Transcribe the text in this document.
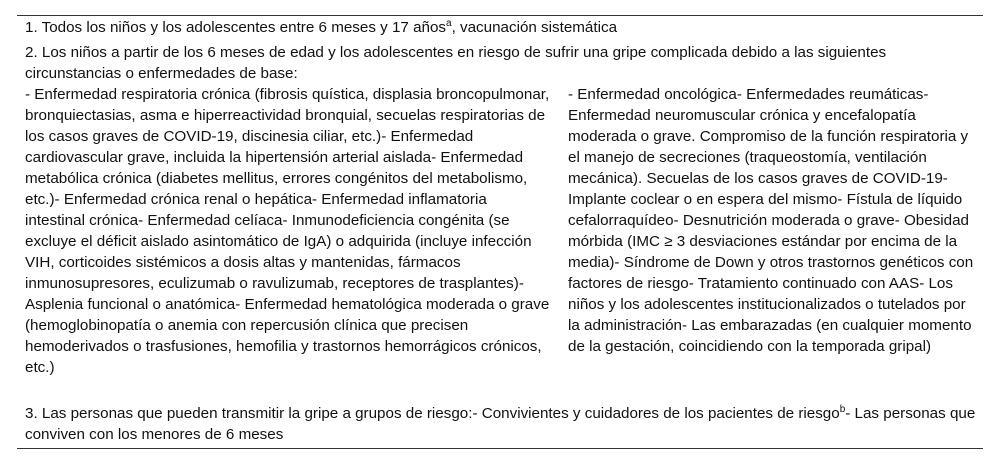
1. Todos los niños y los adolescentes entre 6 meses y 17 años$^a$, vacunación sistemática
2. Los niños a partir de los 6 meses de edad y los adolescentes en riesgo de sufrir una gripe complicada debido a las siguientes circunstancias o enfermedades de base:
- Enfermedad respiratoria crónica (fibrosis quística, displasia broncopulmonar, bronquiectasias, asma e hiperreactividad bronquial, secuelas respiratorias de los casos graves de COVID-19, discinesia ciliar, etc.)- Enfermedad cardiovascular grave, incluida la hipertensión arterial aislada- Enfermedad metabólica crónica (diabetes mellitus, errores congénitos del metabolismo, etc.)- Enfermedad crónica renal o hepática- Enfermedad inflamatoria intestinal crónica- Enfermedad celíaca- Inmunodeficiencia congénita (se excluye el déficit aislado asintomático de IgA) o adquirida (incluye infección VIH, corticoides sistémicos a dosis altas y mantenidas, fármacos inmunosupresores, eculizumab o ravulizumab, receptores de trasplantes)- Asplenia funcional o anatómica- Enfermedad hematológica moderada o grave (hemoglobinopatía o anemia con repercusión clínica que precisen hemoderivados o trasfusiones, hemofilia y trastornos hemorrágicos crónicos, etc.)
- Enfermedad oncológica- Enfermedades reumáticas- Enfermedad neuromuscular crónica y encefalopatía moderada o grave. Compromiso de la función respiratoria y el manejo de secreciones (traqueostomía, ventilación mecánica). Secuelas de los casos graves de COVID-19- Implante coclear o en espera del mismo- Fístula de líquido cefalorraquídeo- Desnutrición moderada o grave- Obesidad mórbida (IMC ≥ 3 desviaciones estándar por encima de la media)- Síndrome de Down y otros trastornos genéticos con factores de riesgo- Tratamiento continuado con AAS- Los niños y los adolescentes institucionalizados o tutelados por la administración- Las embarazadas (en cualquier momento de la gestación, coincidiendo con la temporada gripal)
3. Las personas que pueden transmitir la gripe a grupos de riesgo:- Convivientes y cuidadores de los pacientes de riesgo$^b$- Las personas que conviven con los menores de 6 meses
